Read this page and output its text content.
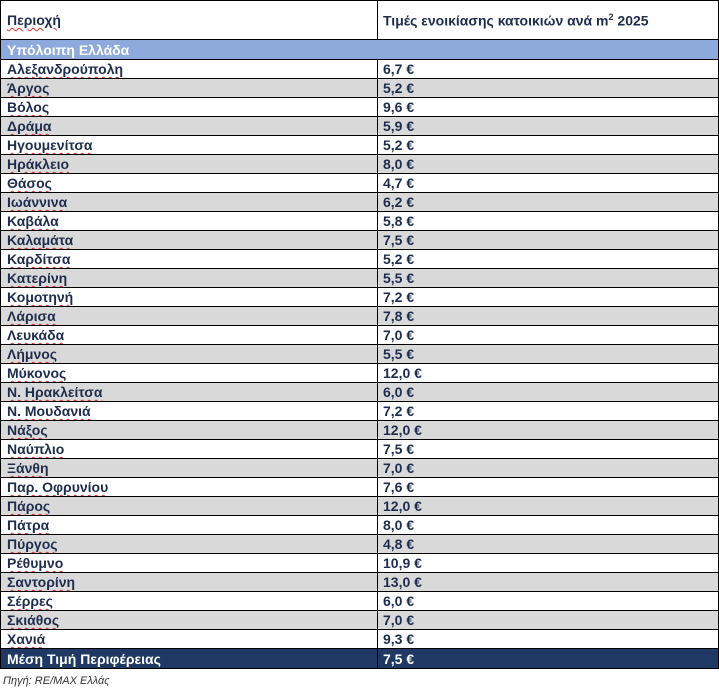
Περιοχή	Τιμές ενοικίασης κατοικιών ανά $m^2$ 2025
Υπόλοιπη Ελλάδα	
Αλεξανδρούπολη	6,7 €
Άργος	5,2 €
Βόλος	9,6 €
Δράμα	5,9 €
Ηγουμενίτσα	5,2 €
Ηράκλειο	8,0 €
Θάσος	4,7 €
Ιωάννινα	6,2 €
Καβάλα	5,8 €
Καλαμάτα	7,5 €
Καρδίτσα	5,2 €
Κατερίνη	5,5 €
Κομοτηνή	7,2 €
Λάρισα	7,8 €
Λευκάδα	7,0 €
Λήμνος	5,5 €
Μύκονος	12,0 €
Ν. Ηρακλείτσα	6,0 €
Ν. Μουδανιά	7,2 €
Νάξος	12,0 €
Ναύπλιο	7,5 €
Ξάνθη	7,0 €
Παρ. Οφρυνίου	7,6 €
Πάρος	12,0 €
Πάτρα	8,0 €
Πύργος	4,8 €
Ρέθυμνο	10,9 €
Σαντορίνη	13,0 €
Σέρρες	6,0 €
Σκιάθος	7,0 €
Χανιά	9,3 €
Μέση Τιμή Περιφέρειας	7,5 €
Πηγή: RE/MAX Ελλάς
